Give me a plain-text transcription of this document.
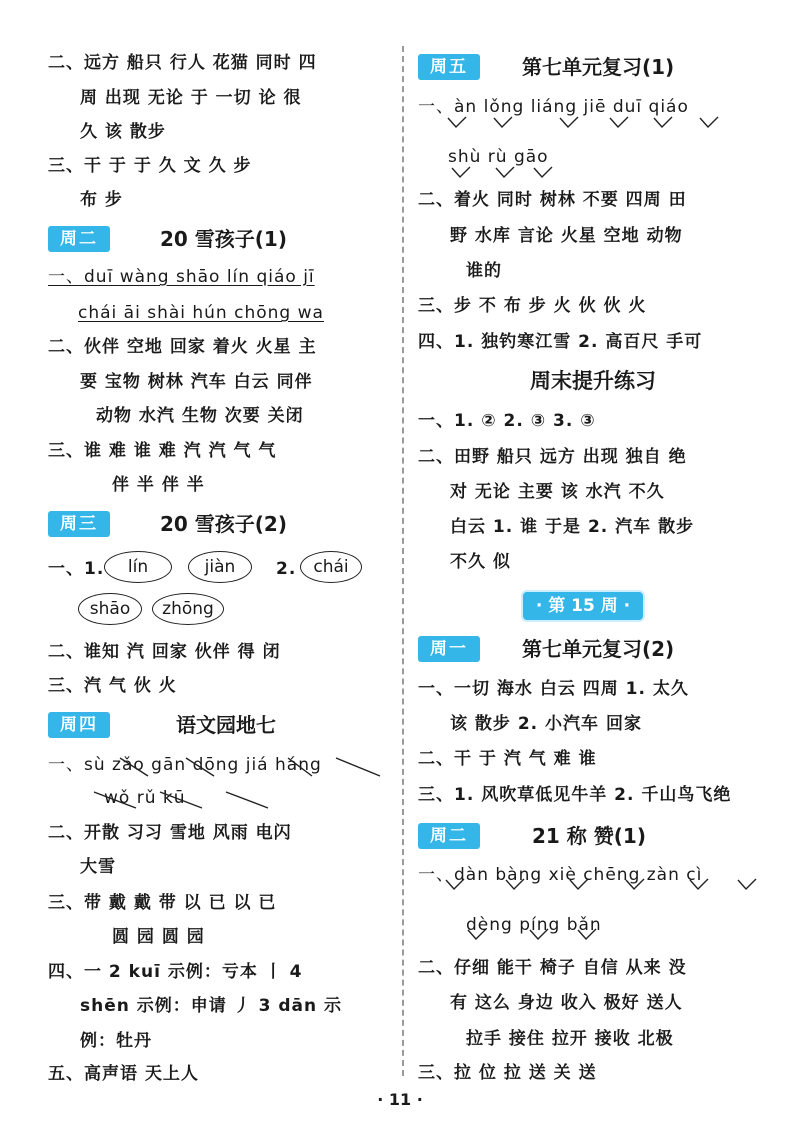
二、远方 船只 行人 花猫 同时 四
周 出现 无论 于 一切 论 很
久 该 散步
三、干 于 于 久 文 久 步
布 步
周二	20 雪孩子(1)
一、duī wàng shāo lín qiáo jī
chái āi shài hún chōng wa
二、伙伴 空地 回家 着火 火星 主
要 宝物 树林 汽车 白云 同伴
动物 水汽 生物 次要 关闭
三、谁 难 谁 难 汽 汽 气 气
伴 半 伴 半
周三	20 雪孩子(2)
一、1.	lín	jiàn	2.	chái
shāo	zhōng
二、谁知 汽 回家 伙伴 得 闭
三、汽 气 伙 火
周四	语文园地七
一、sù zǎo gān dōng jiá háng
wǒ rǔ kū
二、开散 习习 雪地 风雨 电闪
大雪
三、带 戴 戴 带 以 已 以 已
圆 园 圆 园
四、一 2 kuī 示例：亏本 丨 4
shēn 示例：申请 丿 3 dān 示
例：牡丹
五、高声语 天上人
周五	第七单元复习(1)
一、àn lǒng liáng jiē duī qiáo
shù rù gāo
二、着火 同时 树林 不要 四周 田
野 水库 言论 火星 空地 动物
谁的
三、步 不 布 步 火 伙 伙 火
四、1. 独钓寒江雪 2. 高百尺 手可
周末提升练习
一、1. ② 2. ③ 3. ③
二、田野 船只 远方 出现 独自 绝
对 无论 主要 该 水汽 不久
白云 1. 谁 于是 2. 汽车 散步
不久 似
· 第 15 周 ·
周一	第七单元复习(2)
一、一切 海水 白云 四周 1. 太久
该 散步 2. 小汽车 回家
二、干 于 汽 气 难 谁
三、1. 风吹草低见牛羊 2. 千山鸟飞绝
周二	21 称 赞(1)
一、dàn bàng xiè chēng zàn cì
dèng píng bǎn
二、仔细 能干 椅子 自信 从来 没
有 这么 身边 收入 极好 送人
拉手 接住 拉开 接收 北极
三、拉 位 拉 送 关 送
· 11 ·
